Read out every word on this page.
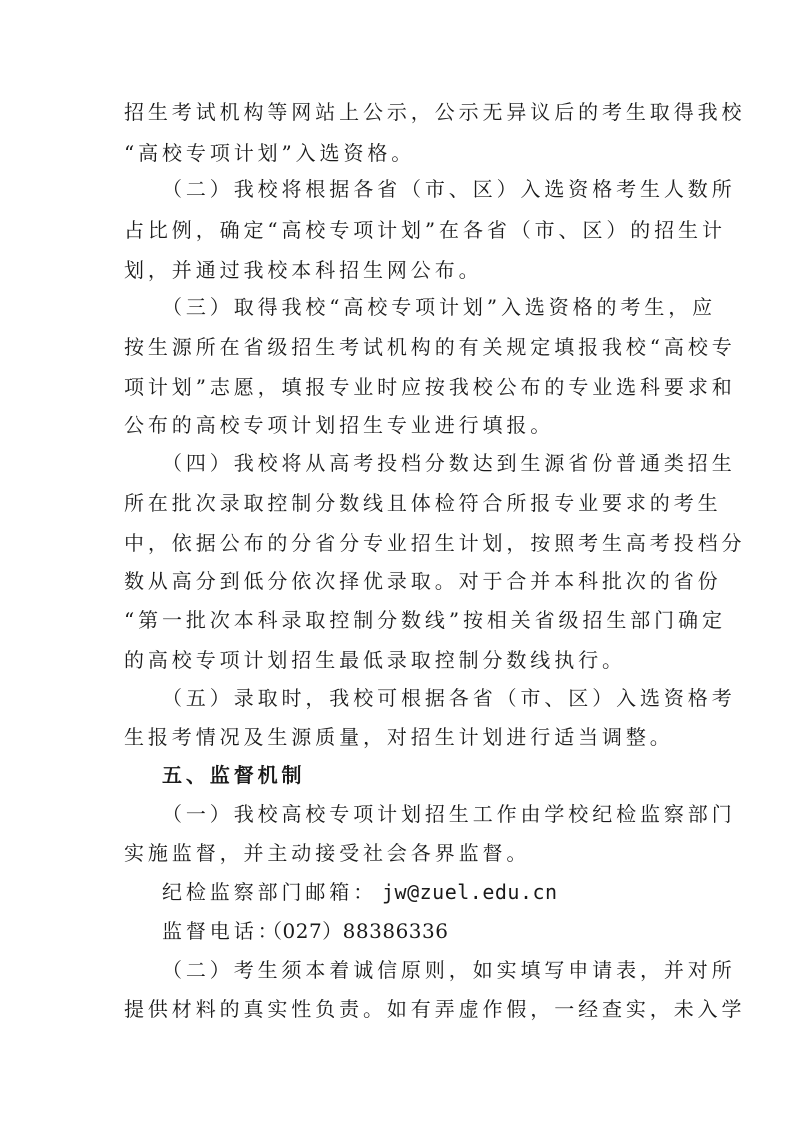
招生考试机构等网站上公示，公示无异议后的考生取得我校
“高校专项计划”入选资格。
（二）我校将根据各省（市、区）入选资格考生人数所
占比例，确定“高校专项计划”在各省（市、区）的招生计
划，并通过我校本科招生网公布。
（三）取得我校“高校专项计划”入选资格的考生，应
按生源所在省级招生考试机构的有关规定填报我校“高校专
项计划”志愿，填报专业时应按我校公布的专业选科要求和
公布的高校专项计划招生专业进行填报。
（四）我校将从高考投档分数达到生源省份普通类招生
所在批次录取控制分数线且体检符合所报专业要求的考生
中，依据公布的分省分专业招生计划，按照考生高考投档分
数从高分到低分依次择优录取。对于合并本科批次的省份
“第一批次本科录取控制分数线”按相关省级招生部门确定
的高校专项计划招生最低录取控制分数线执行。
（五）录取时，我校可根据各省（市、区）入选资格考
生报考情况及生源质量，对招生计划进行适当调整。
五、监督机制
（一）我校高校专项计划招生工作由学校纪检监察部门
实施监督，并主动接受社会各界监督。
纪检监察部门邮箱： jw@zuel.edu.cn
监督电话：
（027）88386336
（二）考生须本着诚信原则，如实填写申请表，并对所
提供材料的真实性负责。如有弄虚作假，一经查实，未入学
